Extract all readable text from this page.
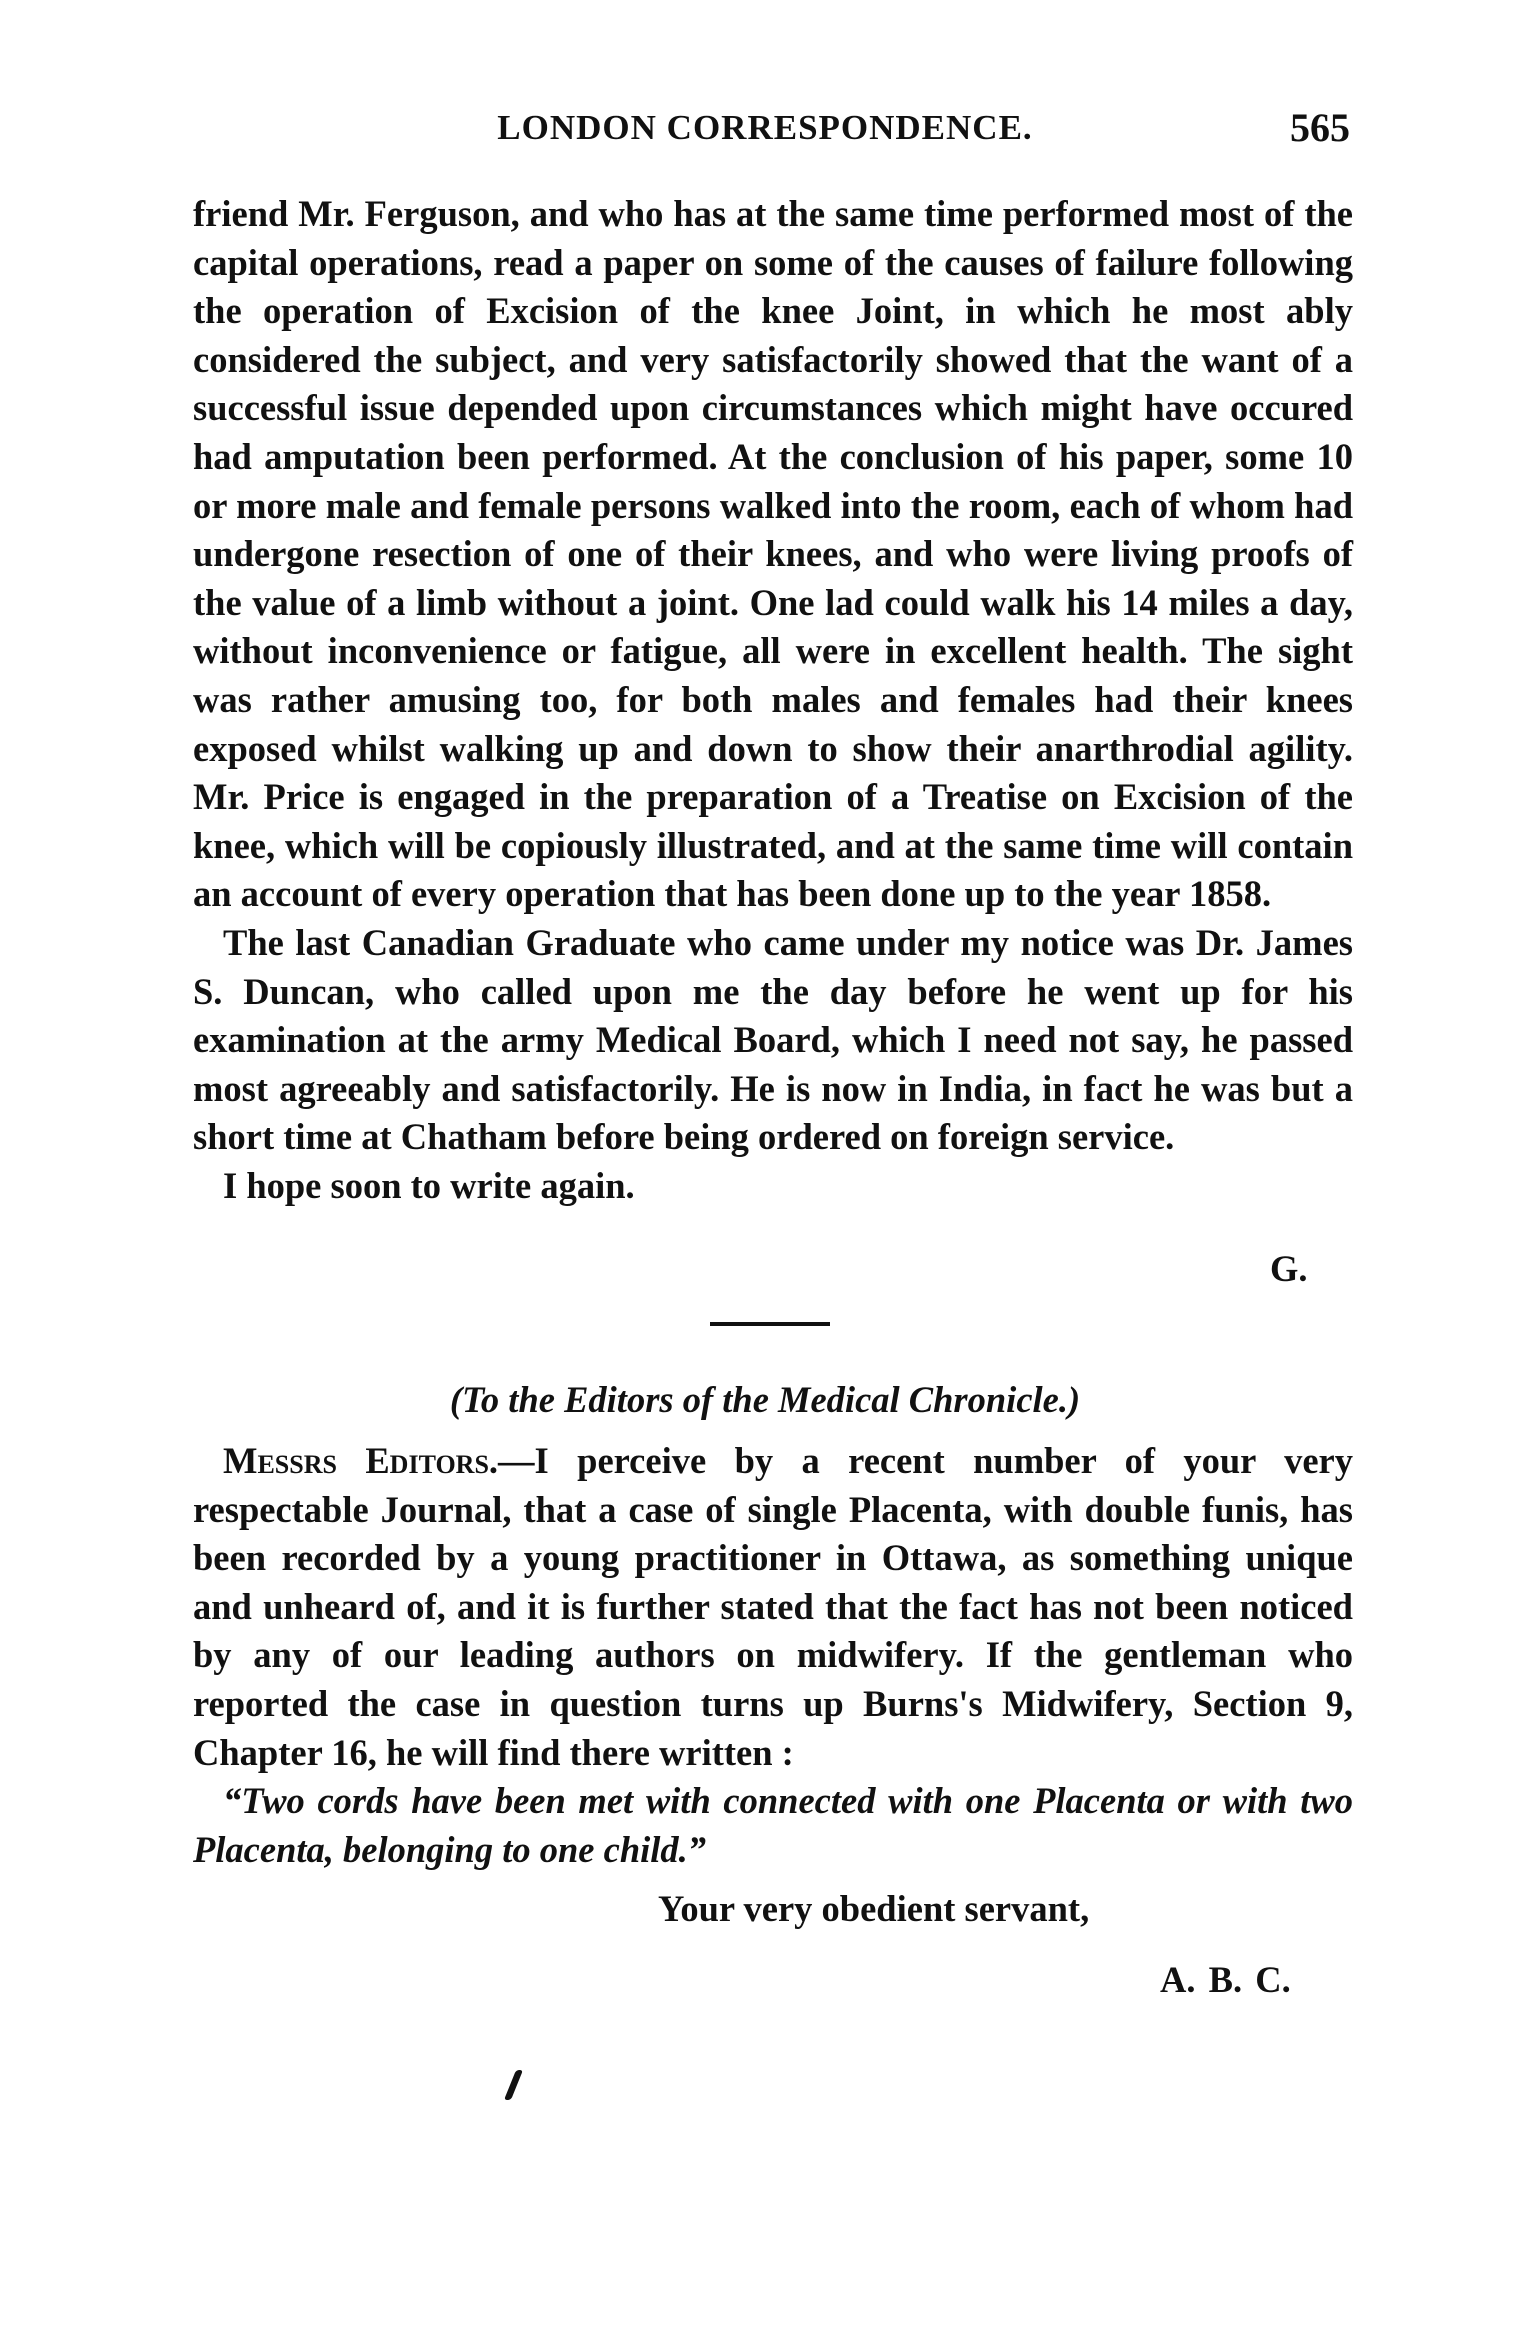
LONDON CORRESPONDENCE.	565

friend Mr. Ferguson, and who has at the same time performed most of the capital operations, read a paper on some of the causes of failure following the operation of Excision of the knee Joint, in which he most ably considered the subject, and very satisfactorily showed that the want of a successful issue depended upon circumstances which might have occured had amputation been performed. At the conclusion of his paper, some 10 or more male and female persons walked into the room, each of whom had undergone resection of one of their knees, and who were living proofs of the value of a limb without a joint. One lad could walk his 14 miles a day, without inconvenience or fatigue, all were in excellent health. The sight was rather amusing too, for both males and females had their knees exposed whilst walking up and down to show their anarthrodial agility. Mr. Price is engaged in the preparation of a Treatise on Excision of the knee, which will be copiously illustrated, and at the same time will contain an account of every operation that has been done up to the year 1858.

The last Canadian Graduate who came under my notice was Dr. James S. Duncan, who called upon me the day before he went up for his examination at the army Medical Board, which I need not say, he passed most agreeably and satisfactorily. He is now in India, in fact he was but a short time at Chatham before being ordered on foreign service.

I hope soon to write again.

G.
(To the Editors of the Medical Chronicle.)

Messrs Editors.—I perceive by a recent number of your very respectable Journal, that a case of single Placenta, with double funis, has been recorded by a young practitioner in Ottawa, as something unique and unheard of, and it is further stated that the fact has not been noticed by any of our leading authors on midwifery. If the gentleman who reported the case in question turns up Burns's Midwifery, Section 9, Chapter 16, he will find there written :

“Two cords have been met with connected with one Placenta or with two Placenta, belonging to one child.”

Your very obedient servant,
A. B. C.
